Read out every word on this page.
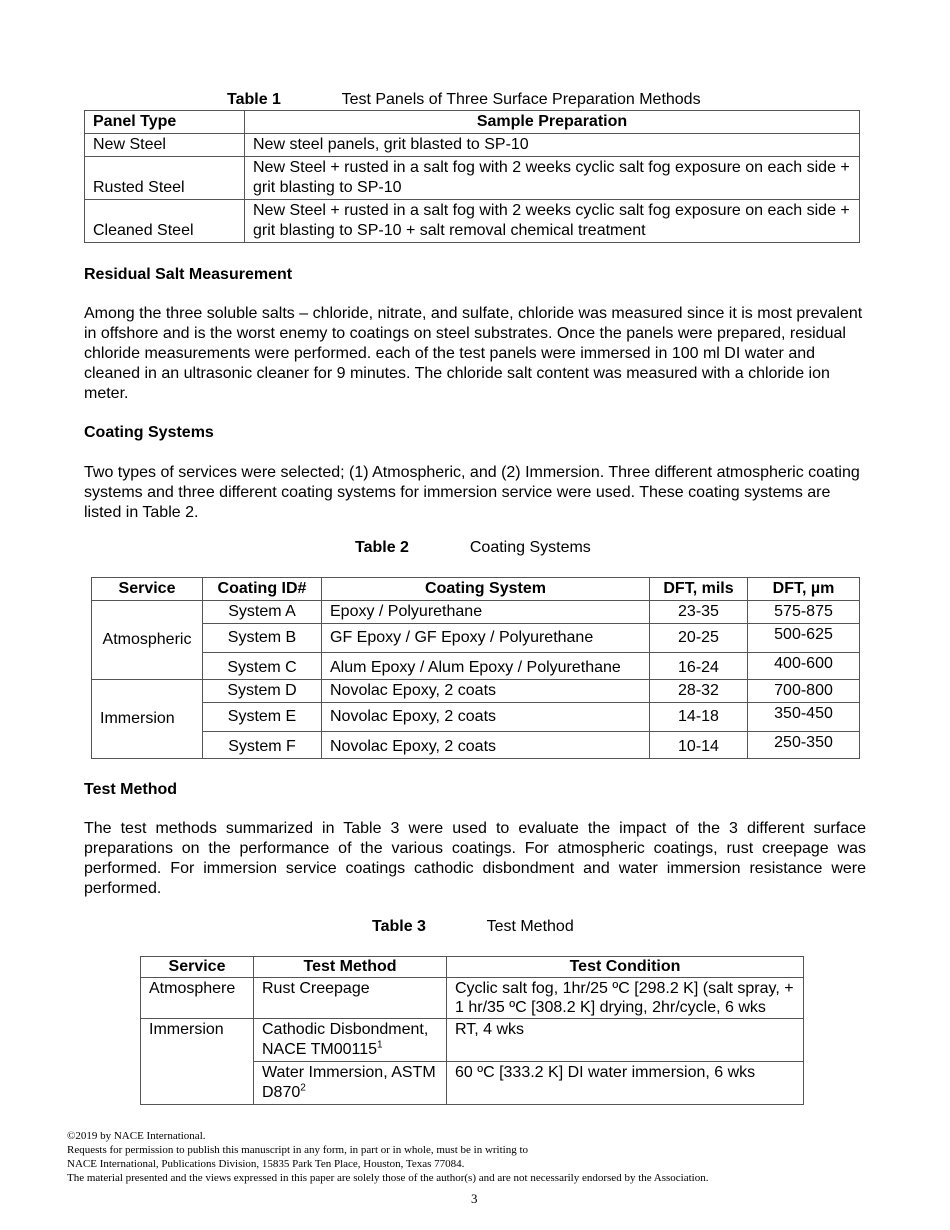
Table 1	Test Panels of Three Surface Preparation Methods
Panel Type	Sample Preparation
New Steel	New steel panels, grit blasted to SP-10
Rusted Steel	New Steel + rusted in a salt fog with 2 weeks cyclic salt fog exposure on each side + grit blasting to SP-10
Cleaned Steel	New Steel + rusted in a salt fog with 2 weeks cyclic salt fog exposure on each side + grit blasting to SP-10 + salt removal chemical treatment
Residual Salt Measurement
Among the three soluble salts – chloride, nitrate, and sulfate, chloride was measured since it is most prevalent in offshore and is the worst enemy to coatings on steel substrates. Once the panels were prepared, residual chloride measurements were performed. each of the test panels were immersed in 100 ml DI water and cleaned in an ultrasonic cleaner for 9 minutes. The chloride salt content was measured with a chloride ion meter.
Coating Systems
Two types of services were selected; (1) Atmospheric, and (2) Immersion. Three different atmospheric coating systems and three different coating systems for immersion service were used. These coating systems are listed in Table 2.
Table 2	Coating Systems
Service	Coating ID#	Coating System	DFT, mils	DFT, µm
Atmospheric	System A	Epoxy / Polyurethane	23-35	575-875
	System B	GF Epoxy / GF Epoxy / Polyurethane	20-25	500-625
	System C	Alum Epoxy / Alum Epoxy / Polyurethane	16-24	400-600
Immersion	System D	Novolac Epoxy, 2 coats	28-32	700-800
	System E	Novolac Epoxy, 2 coats	14-18	350-450
	System F	Novolac Epoxy, 2 coats	10-14	250-350
Test Method
The test methods summarized in Table 3 were used to evaluate the impact of the 3 different surface preparations on the performance of the various coatings. For atmospheric coatings, rust creepage was performed. For immersion service coatings cathodic disbondment and water immersion resistance were performed.
Table 3	Test Method
Service	Test Method	Test Condition
Atmosphere	Rust Creepage	Cyclic salt fog, 1hr/25 ºC [298.2 K] (salt spray, + 1 hr/35 ºC [308.2 K] drying, 2hr/cycle, 6 wks
Immersion	Cathodic Disbondment, NACE TM00115$^1$	RT, 4 wks
	Water Immersion, ASTM $D870^2$	60 ºC [333.2 K] DI water immersion, 6 wks
©2019 by NACE International.
Requests for permission to publish this manuscript in any form, in part or in whole, must be in writing to
NACE International, Publications Division, 15835 Park Ten Place, Houston, Texas 77084.
The material presented and the views expressed in this paper are solely those of the author(s) and are not necessarily endorsed by the Association.
3
